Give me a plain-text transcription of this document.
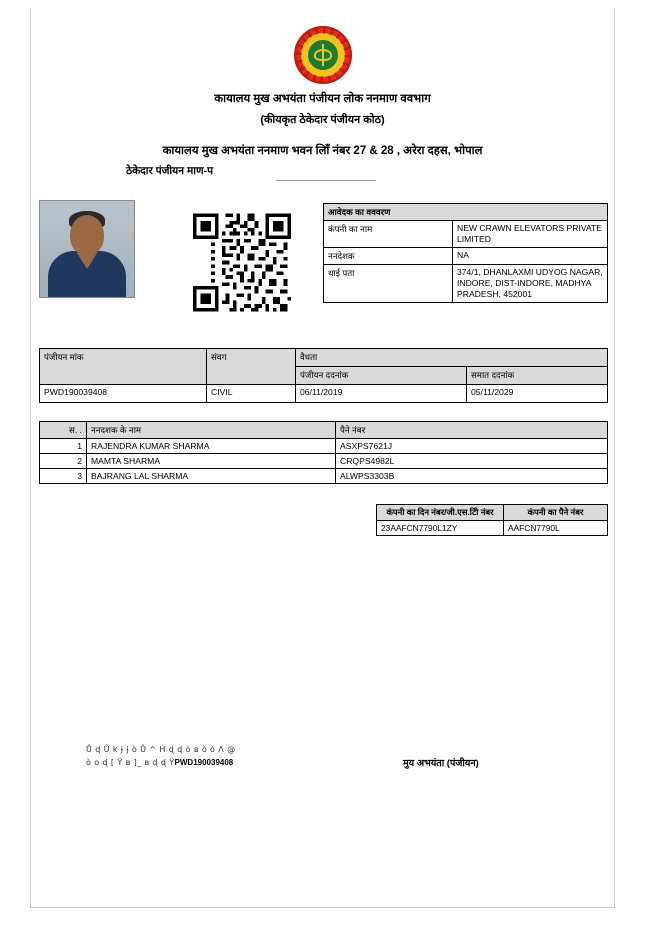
कायालय मुख अभयंता पंजीयन लोक ननमाण ववभाग
(कीयकृत ठेकेदार पंजीयन कोठ)
कायालय मुख अभयंता ननमाण भवन लॉिं नंबर 27 & 28 , अरेरा दहस, भोपाल
ठेकेदार पंजीयन माण-प
आवेदक का वववरण	
कंपनी का नाम	NEW CRAWN ELEVATORS PRIVATE LIMITED
ननदेशक	NA
थाई पता	374/1, DHANLAXMI UDYOG NAGAR, INDORE, DIST-INDORE, MADHYA PRADESH, 452001
पंजीयन मांक	संवग	वैधता	
		पंजीयन ददनांक	समात ददनांक
PWD190039408	CIVIL	06/11/2019	05/11/2029
स. .	ननदशक के नाम	पैने नंबर
1	RAJENDRA KUMAR SHARMA	ASXPS7621J
2	MAMTA SHARMA	CRQPS4982L
3	BAJRANG LAL SHARMA	ALWPS3303B
कंपनी का दिन नंबर/जी.एस.टिी नंबर	कंपनी का पैने नंबर
23AAFCN7790L1ZY	AAFCN7790L
Ů ɖ Ů k ɉ ɉ ò Ů ^ Ḣ ɖ ɖ ò ʙ ò ò Λ @
ò o ɖ [ Ÿ ʙ ]_ ʙ ɖ ɖ ŸPWD190039408	मुय अभयंता (पंजीयन)
